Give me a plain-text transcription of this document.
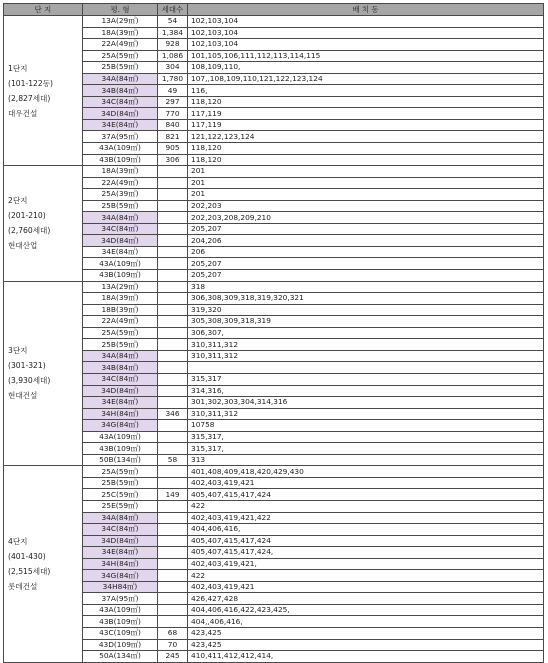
단 지	평. 형	세대수	배 치 동

1단지
(101-122동)
(2,827세대)
대우건설	13A(29㎡)	54	102,103,104
	18A(39㎡)	1,384	102,103,104
	22A(49㎡)	928	102,103,104
	25A(59㎡)	1,086	101,105,106,111,112,113,114,115
	25B(59㎡)	304	108,109,110,
	34A(84㎡)	1,780	107,,108,109,110,121,122,123,124
	34B(84㎡)	49	116,
	34C(84㎡)	297	118,120
	34D(84㎡)	770	117,119
	34E(84㎡)	840	117,119
	37A(95㎡)	821	121,122,123,124
	43A(109㎡)	905	118,120
	43B(109㎡)	306	118,120

2단지
(201-210)
(2,760세대)
현대산업	18A(39㎡)		201
	22A(49㎡)		201
	25A(39㎡)		201
	25B(59㎡)		202,203
	34A(84㎡)		202,203,208,209,210
	34C(84㎡)		205,207
	34D(84㎡)		204,206
	34E(84㎡)		206
	43A(109㎡)		205,207
	43B(109㎡)		205,207

3단지
(301-321)
(3,930세대)
현대건설	13A(29㎡)		318
	18A(39㎡)		306,308,309,318,319,320,321
	18B(39㎡)		319,320
	22A(49㎡)		305,308,309,318,319
	25A(59㎡)		306,307,
	25B(59㎡)		310,311,312
	34A(84㎡)		310,311,312
	34B(84㎡)		
	34C(84㎡)		315,317
	34D(84㎡)		314,316,
	34E(84㎡)		301,302,303,304,314,316
	34H(84㎡)	346	310,311,312
	34G(84㎡)		10758
	43A(109㎡)		315,317,
	43B(109㎡)		315,317,
	50B(134㎡)	58	313

4단지
(401-430)
(2,515세대)
롯데건설	25A(59㎡)		401,408,409,418,420,429,430
	25B(59㎡)		402,403,419,421
	25C(59㎡)	149	405,407,415,417,424
	25E(59㎡)		422
	34A(84㎡)		402,403,419,421,422
	34C(84㎡)		404,406,416,
	34D(84㎡)		405,407,415,417,424
	34E(84㎡)		405,407,415,417,424,
	34H(84㎡)		402,403,419,421,
	34G(84㎡)		422
	34H84㎡)		402,403,419,421
	37A(95㎡)		426,427,428
	43A(109㎡)		404,406,416,422,423,425,
	43B(109㎡)		404,,406,416,
	43C(109㎡)	68	423,425
	43D(109㎡)	70	423,425
	50A(134㎡)	245	410,411,412,412,414,
